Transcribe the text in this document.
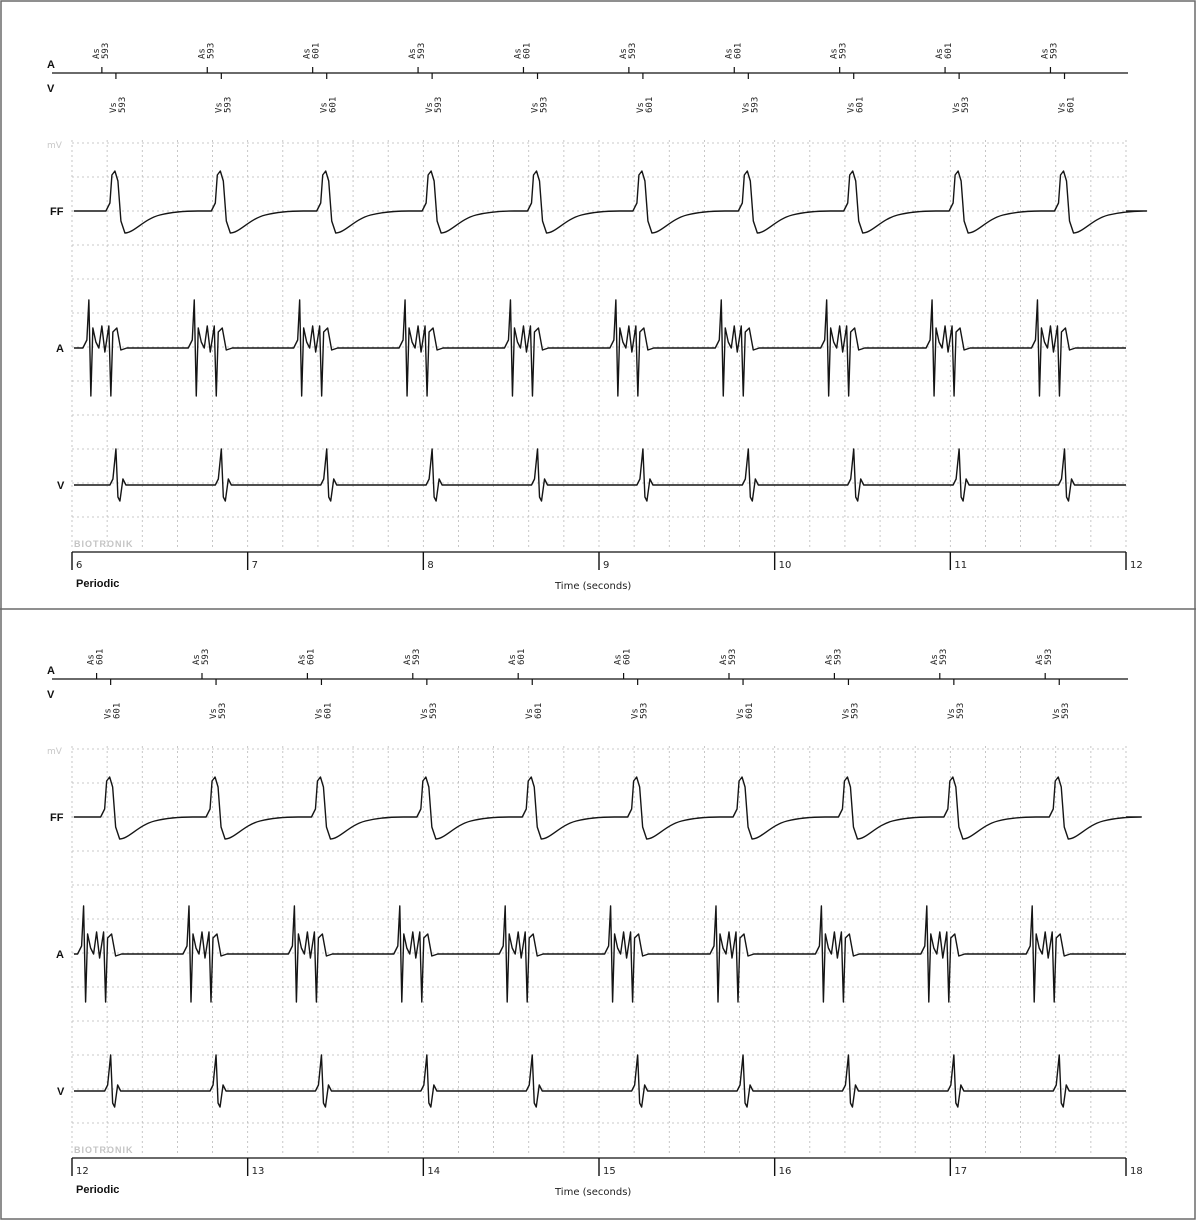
A
V
As 593	As 593	As 601	As 593	As 601	As 593	As 601	As 593	As 601	As 593
Vs 593	Vs 593	Vs 601	Vs 593	Vs 593	Vs 601	Vs 593	Vs 601	Vs 593	Vs 601
mV
BIOTRONIK
FF
A
V
6	7	8	9	10	11	12
Periodic	Time (seconds)
A
V
As 601	As 593	As 601	As 593	As 601	As 601	As 593	As 593	As 593	As 593
Vs 601	Vs 593	Vs 601	Vs 593	Vs 601	Vs 593	Vs 601	Vs 593	Vs 593	Vs 593
mV
BIOTRONIK
FF
A
V
12	13	14	15	16	17	18
Periodic	Time (seconds)
